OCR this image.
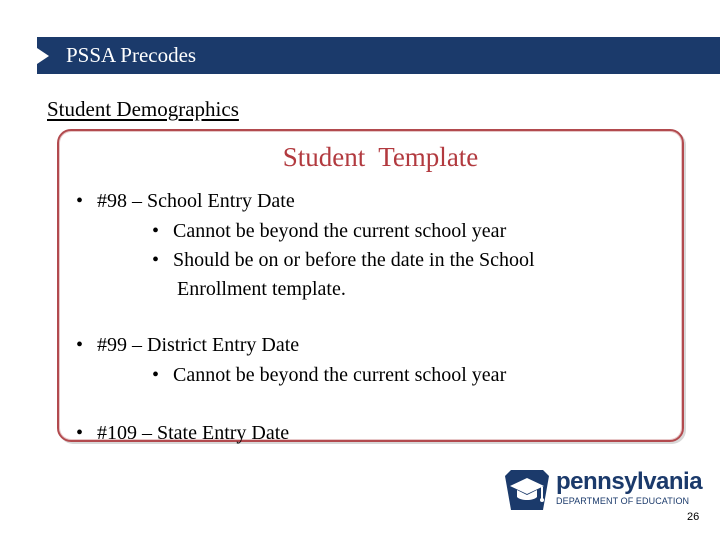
PSSA Precodes
Student Demographics
Student  Template
• #98 – School Entry Date
• Cannot be beyond the current school year
• Should be on or before the date in the School
Enrollment template.
• #99 – District Entry Date
• Cannot be beyond the current school year
• #109 – State Entry Date
pennsylvania
DEPARTMENT OF EDUCATION
26
